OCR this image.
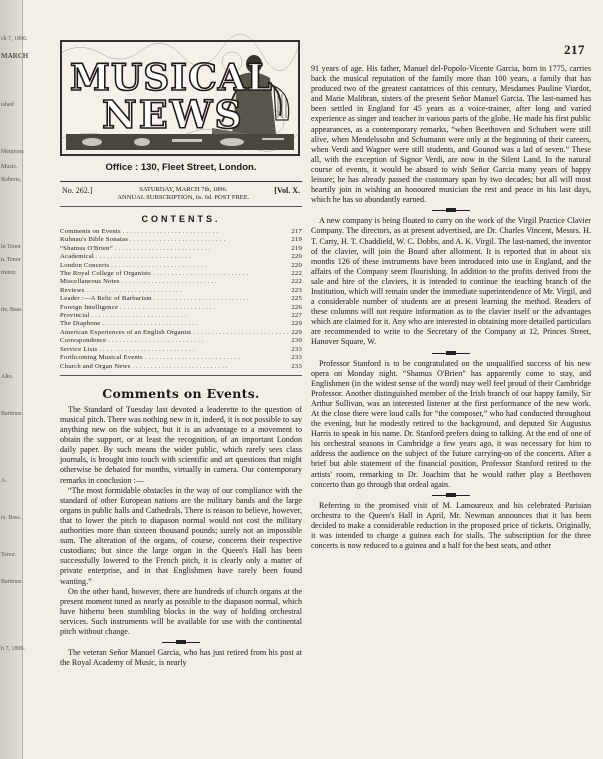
ch 7, 1896.
MARCH
ished
Mentions
Music.
Roberts,
in Tenor
n. Tenor
rtenor.
tie, Bass.
Alto.
Baritone.
A.
rs. Bass.
Tenor.
Baritone.
h 7, 1896.
217
MUSICAL
NEWS
Office : 130, Fleet Street, London.
No. 262.]	SATURDAY, MARCH 7th, 1896.
ANNUAL SUBSCRIPTION, 6s. 6d. POST FREE.
[Vol. X.
CONTENTS.
Comments on Events . .	217
Kuhnau's Bible Sonatas . .	219
“Shamus O'Brien” . .	219
Academical . .	220
London Concerts . .	220
The Royal College of Organists . .	222
Miscellaneous Notes . .	222
Reviews . .	223
Leader :—A Relic of Barbarism . .	225
Foreign Intelligence . .	226
Provincial . .	227
The Diaphone . .	229
American Experiences of an English Organist . .	229
Correspondence . .	230
Service Lists . .	233
Forthcoming Musical Events . .	233
Church and Organ News . .	233
Comments on Events.

The Standard of Tuesday last devoted a leaderette to the question of musical pitch. There was nothing new in it, indeed, it is not possible to say anything new on the subject, but it is an advantage to a movement to obtain the support, or at least the recognition, of an important London daily paper. By such means the wider public, which rarely sees class journals, is brought into touch with scientific and art questions that might otherwise be debated for months, virtually in camera. Our contemporary remarks in conclusion :—

“The most formidable obstacles in the way of our compliance with the standard of other European nations are the military bands and the large organs in public halls and Cathedrals. There is reason to believe, however, that to lower the pitch to diapason normal would not cost the military authorities more than sixteen thousand pounds; surely not an impossible sum. The alteration of the organs, of course, concerns their respective custodians; but since the large organ in the Queen's Hall has been successfully lowered to the French pitch, it is clearly only a matter of private enterprise, and in that Englishmen have rarely been found wanting.”

On the other hand, however, there are hundreds of church organs at the present moment tuned as nearly as possible to the diapason normal, which have hitherto been stumbling blocks in the way of holding orchestral services. Such instruments will be available for use with the continental pitch without change.

The veteran Señor Manuel Garcia, who has just retired from his post at the Royal Academy of Music, is nearly

91 years of age. His father, Manuel del-Popolo-Vicente Garcia, born in 1775, carries back the musical reputation of the family more than 100 years, a family that has produced two of the greatest cantatrices of this century, Mesdames Pauline Viardot, and Marie Malibran, sisters of the present Señor Manuel Garcia. The last-named has been settled in England for 45 years as a voice-trainer, after long and varied experience as singer and teacher in various parts of the globe. He made his first public appearances, as a contemporary remarks, “when Beethoven and Schubert were still alive, when Mendelssohn and Schumann were only at the beginning of their careers, when Verdi and Wagner were still students, and Gounod was a lad of seven.” These all, with the exception of Signor Verdi, are now in the Silent Land. In the natural course of events, it would be absurd to wish Señor Garcia many years of happy leisure; he has already passed the customary span by two decades; but all will most heartily join in wishing an honoured musician the rest and peace in his last days, which he has so abundantly earned.

A new company is being floated to carry on the work of the Virgil Practice Clavier Company. The directors, as at present advertised, are Dr. Charles Vincent, Messrs. H. T. Carty, H. T. Chaddield, W. C. Dobbs, and A. K. Virgil. The last-named, the inventor of the clavier, will join the Board after allotment. It is reported that in about six months 126 of these instruments have been introduced into use in England, and the affairs of the Company seem flourishing. In addition to the profits derived from the sale and hire of the claviers, it is intended to continue the teaching branch of the Institution, which will remain under the immediate superintendence of Mr. Virgil, and a considerable number of students are at present learning the method. Readers of these columns will not require information as to the clavier itself or the advantages which are claimed for it. Any who are interested in obtaining more detailed particulars are recommended to write to the Secretary of the Company at 12, Princes Street, Hanover Square, W.

Professor Stanford is to be congratulated on the unqualified success of his new opera on Monday night. “Shamus O'Brien” has apparently come to stay, and Englishmen (in the widest sense of the word) may well feel proud of their Cambridge Professor. Another distinguished member of the Irish branch of our happy family, Sir Arthur Sullivan, was an interested listener at the first performance of the new work. At the close there were loud calls for “the composer,” who had conducted throughout the evening, but he modestly retired to the background, and deputed Sir Augustus Harris to speak in his name. Dr. Stanford prefers doing to talking. At the end of one of his orchestral seasons in Cambridge a few years ago, it was necessary for him to address the audience on the subject of the future carrying-on of the concerts. After a brief but able statement of the financial position, Professor Stanford retired to the artists' room, remarking to Dr. Joachim that he would rather play a Beethoven concerto than go through that ordeal again.

Referring to the promised visit of M. Lamoureux and his celebrated Parisian orchestra to the Queen's Hall in April, Mr. Newman announces that it has been decided to make a considerable reduction in the proposed price of tickets. Originally, it was intended to charge a guinea each for stalls. The subscription for the three concerts is now reduced to a guinea and a half for the best seats, and other
